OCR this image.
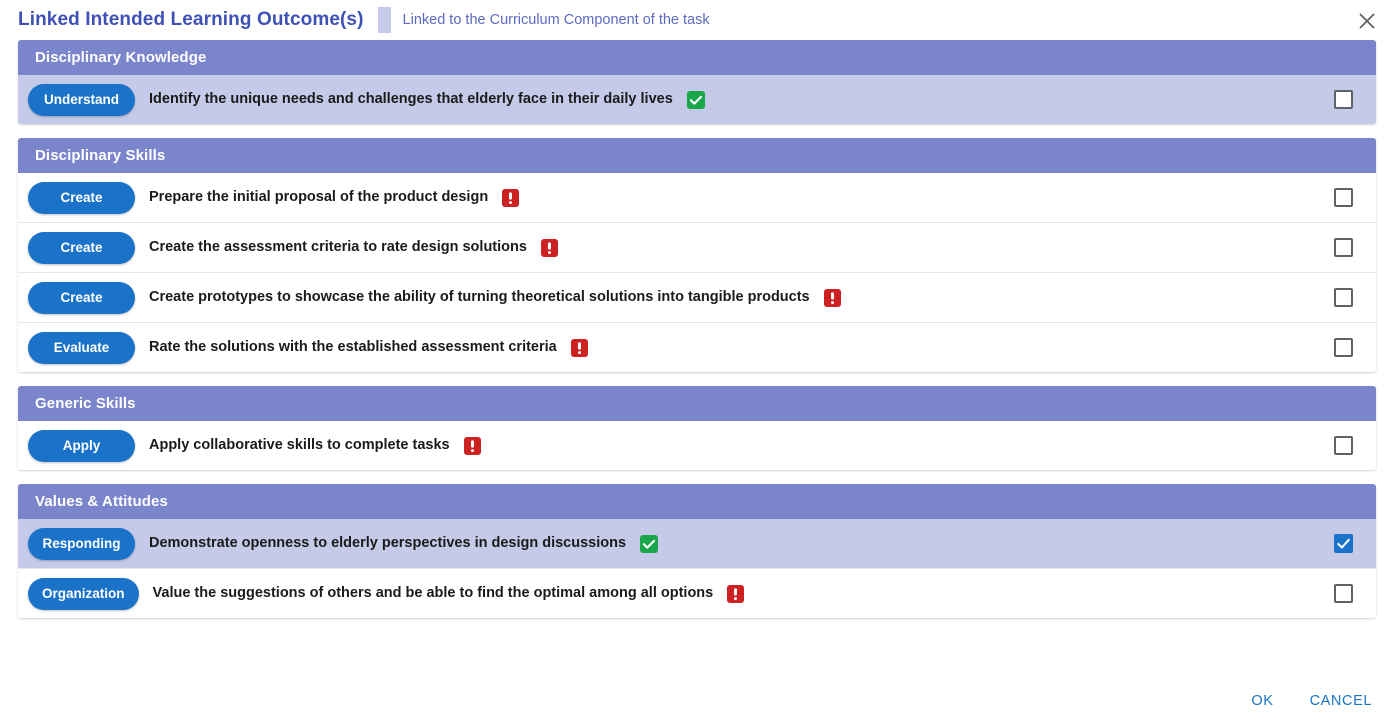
Linked Intended Learning Outcome(s)	Linked to the Curriculum Component of the task
Disciplinary Knowledge
Understand	Identify the unique needs and challenges that elderly face in their daily lives
Disciplinary Skills
Create	Prepare the initial proposal of the product design
Create	Create the assessment criteria to rate design solutions
Create	Create prototypes to showcase the ability of turning theoretical solutions into tangible products
Evaluate	Rate the solutions with the established assessment criteria
Generic Skills
Apply	Apply collaborative skills to complete tasks
Values & Attitudes
Responding	Demonstrate openness to elderly perspectives in design discussions
Organization	Value the suggestions of others and be able to find the optimal among all options
OK CANCEL
